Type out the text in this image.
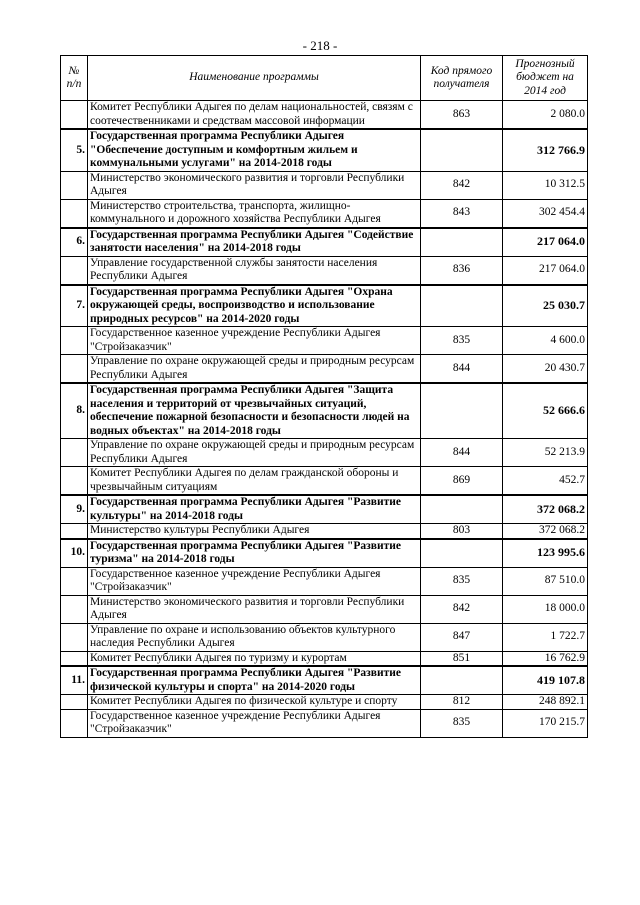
- 218 -
№ п/п	Наименование программы	Код прямого получателя	Прогнозный бюджет на 2014 год
	Комитет Республики Адыгея по делам национальностей, связям с соотечественниками и средствам массовой информации	863	2 080.0
5.	Государственная программа Республики Адыгея "Обеспечение доступным и комфортным жильем и коммунальными услугами" на 2014-2018 годы		312 766.9
	Министерство экономического развития и торговли Республики Адыгея	842	10 312.5
	Министерство строительства, транспорта, жилищно-коммунального и дорожного хозяйства Республики Адыгея	843	302 454.4
6.	Государственная программа Республики Адыгея "Содействие занятости населения" на 2014-2018 годы		217 064.0
	Управление государственной службы занятости населения Республики Адыгея	836	217 064.0
7.	Государственная программа Республики Адыгея "Охрана окружающей среды, воспроизводство и использование природных ресурсов" на 2014-2020 годы		25 030.7
	Государственное казенное учреждение Республики Адыгея "Стройзаказчик"	835	4 600.0
	Управление по охране окружающей среды и природным ресурсам Республики Адыгея	844	20 430.7
8.	Государственная программа Республики Адыгея "Защита населения и территорий от чрезвычайных ситуаций, обеспечение пожарной безопасности и безопасности людей на водных объектах" на 2014-2018 годы		52 666.6
	Управление по охране окружающей среды и природным ресурсам Республики Адыгея	844	52 213.9
	Комитет Республики Адыгея по делам гражданской обороны и чрезвычайным ситуациям	869	452.7
9.	Государственная программа Республики Адыгея "Развитие культуры" на 2014-2018 годы		372 068.2
	Министерство культуры Республики Адыгея	803	372 068.2
10.	Государственная программа Республики Адыгея "Развитие туризма" на 2014-2018 годы		123 995.6
	Государственное казенное учреждение Республики Адыгея "Стройзаказчик"	835	87 510.0
	Министерство экономического развития и торговли Республики Адыгея	842	18 000.0
	Управление по охране и использованию объектов культурного наследия Республики Адыгея	847	1 722.7
	Комитет Республики Адыгея по туризму и курортам	851	16 762.9
11.	Государственная программа Республики Адыгея "Развитие физической культуры и спорта" на 2014-2020 годы		419 107.8
	Комитет Республики Адыгея по физической культуре и спорту	812	248 892.1
	Государственное казенное учреждение Республики Адыгея "Стройзаказчик"	835	170 215.7
